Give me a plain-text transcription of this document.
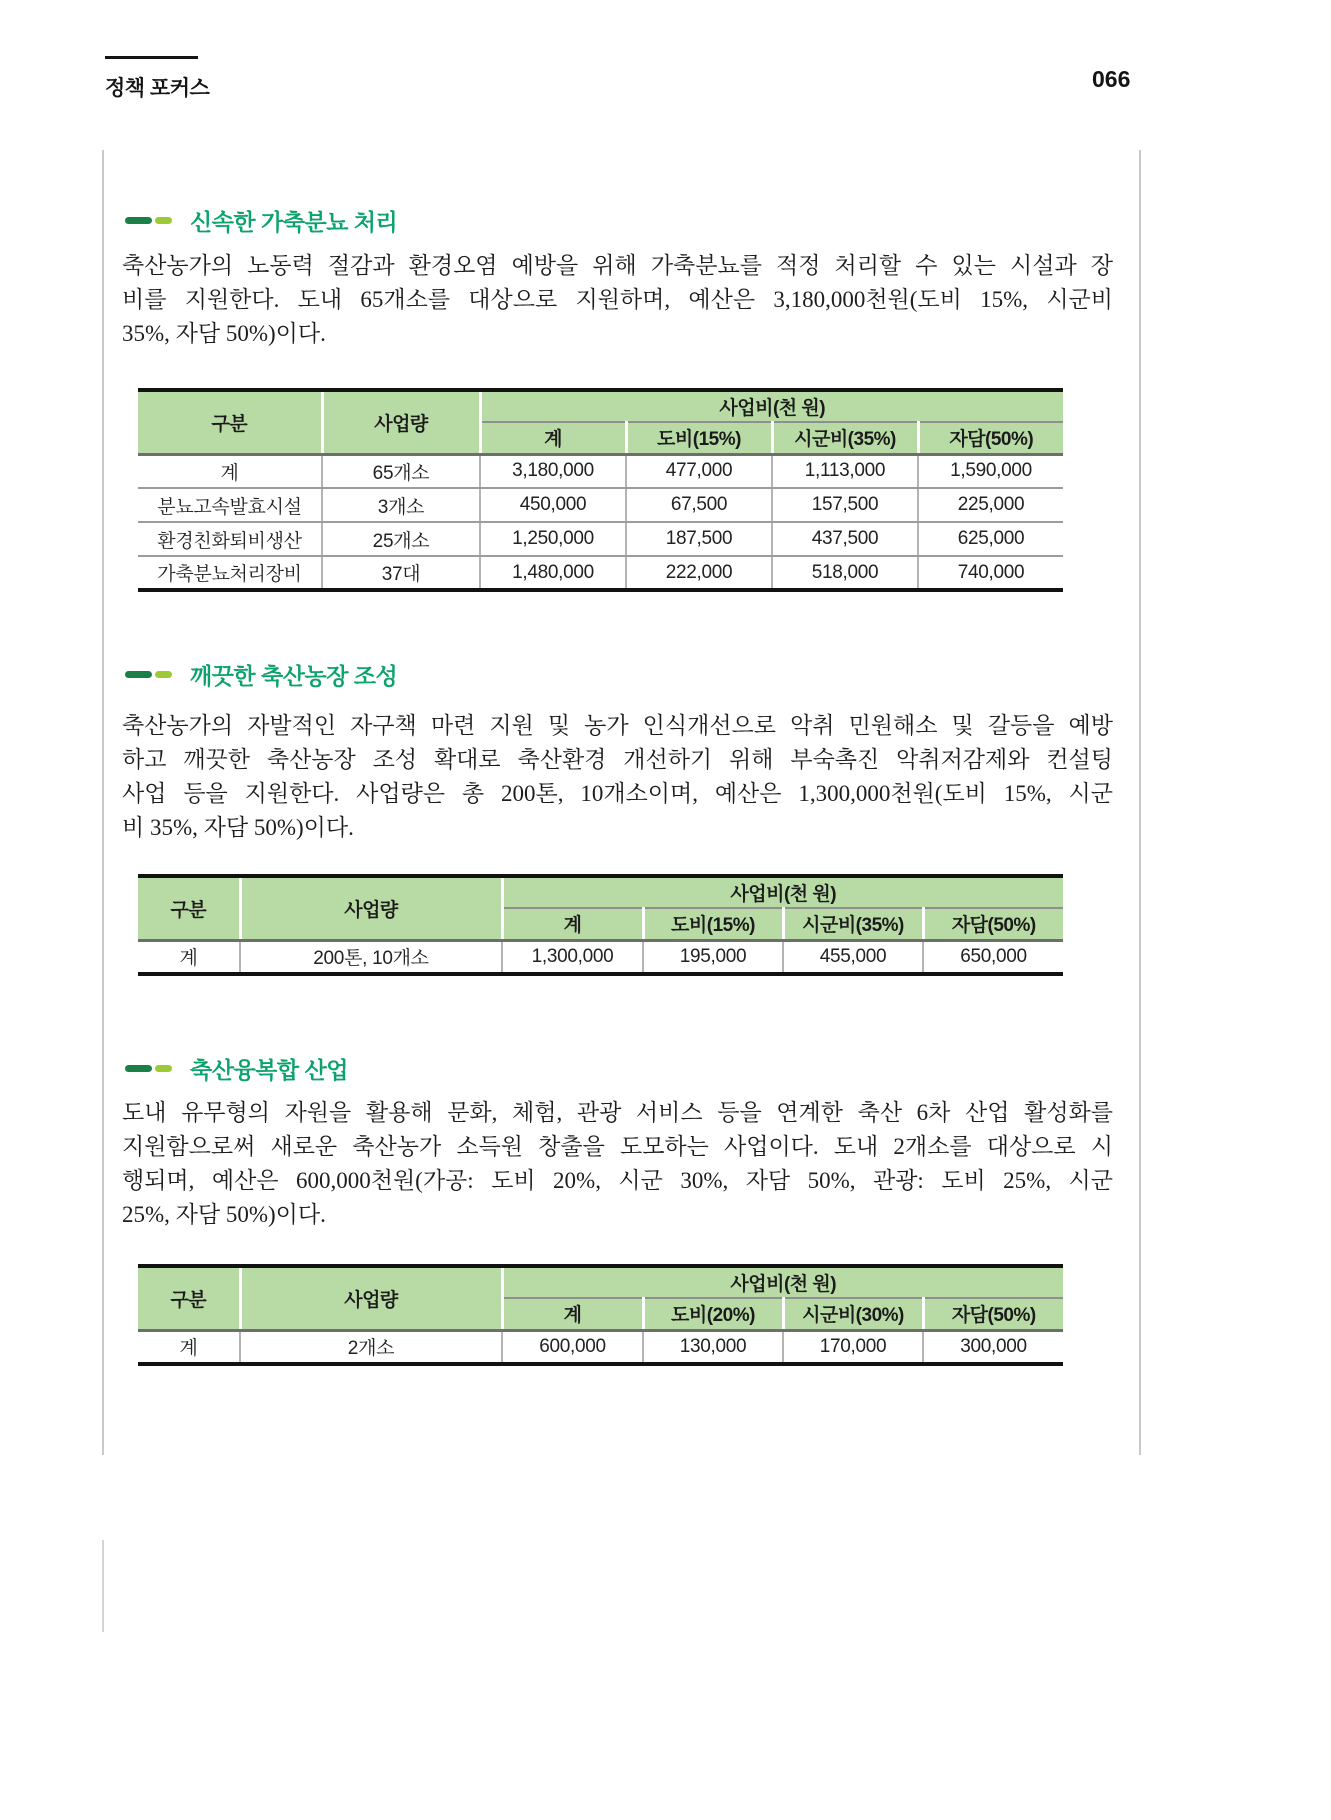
정책 포커스	066
신속한 가축분뇨 처리
축산농가의 노동력 절감과 환경오염 예방을 위해 가축분뇨를 적정 처리할 수 있는 시설과 장
비를 지원한다. 도내 65개소를 대상으로 지원하며, 예산은 3,180,000천원(도비 15%, 시군비
35%, 자담 50%)이다.
구분	사업량	사업비(천 원)			
		계	도비(15%)	시군비(35%)	자담(50%)
계	65개소	3,180,000	477,000	1,113,000	1,590,000
분뇨고속발효시설	3개소	450,000	67,500	157,500	225,000
환경친화퇴비생산	25개소	1,250,000	187,500	437,500	625,000
가축분뇨처리장비	37대	1,480,000	222,000	518,000	740,000
깨끗한 축산농장 조성
축산농가의 자발적인 자구책 마련 지원 및 농가 인식개선으로 악취 민원해소 및 갈등을 예방
하고 깨끗한 축산농장 조성 확대로 축산환경 개선하기 위해 부숙촉진 악취저감제와 컨설팅
사업 등을 지원한다. 사업량은 총 200톤, 10개소이며, 예산은 1,300,000천원(도비 15%, 시군
비 35%, 자담 50%)이다.
구분	사업량	사업비(천 원)			
		계	도비(15%)	시군비(35%)	자담(50%)
계	200톤, 10개소	1,300,000	195,000	455,000	650,000
축산융복합 산업
도내 유무형의 자원을 활용해 문화, 체험, 관광 서비스 등을 연계한 축산 6차 산업 활성화를
지원함으로써 새로운 축산농가 소득원 창출을 도모하는 사업이다. 도내 2개소를 대상으로 시
행되며, 예산은 600,000천원(가공: 도비 20%, 시군 30%, 자담 50%, 관광: 도비 25%, 시군
25%, 자담 50%)이다.
구분	사업량	사업비(천 원)			
		계	도비(20%)	시군비(30%)	자담(50%)
계	2개소	600,000	130,000	170,000	300,000
